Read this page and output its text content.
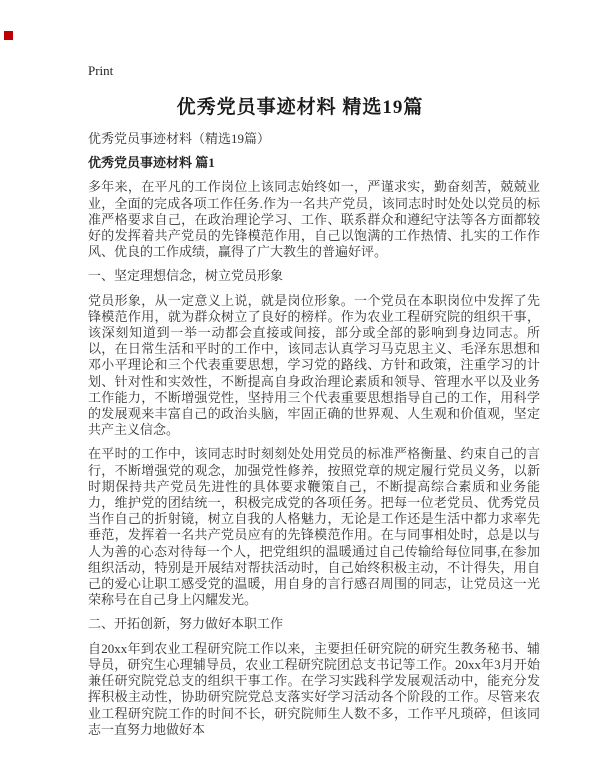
Print
优秀党员事迹材料 精选19篇
优秀党员事迹材料（精选19篇）
优秀党员事迹材料 篇1
多年来，在平凡的工作岗位上该同志始终如一，严谨求实，勤奋刻苦，兢兢业业，全面的完成各项工作任务.作为一名共产党员，该同志时时处处以党员的标准严格要求自己，在政治理论学习、工作、联系群众和遵纪守法等各方面都较好的发挥着共产党员的先锋模范作用，自己以饱满的工作热情、扎实的工作作风、优良的工作成绩，赢得了广大教生的普遍好评。
一、坚定理想信念，树立党员形象
党员形象，从一定意义上说，就是岗位形象。一个党员在本职岗位中发挥了先锋模范作用，就为群众树立了良好的榜样。作为农业工程研究院的组织干事，该深刻知道到一举一动都会直接或间接，部分或全部的影响到身边同志。所以，在日常生活和平时的工作中，该同志认真学习马克思主义、毛泽东思想和邓小平理论和三个代表重要思想，学习党的路线、方针和政策，注重学习的计划、针对性和实效性，不断提高自身政治理论素质和领导、管理水平以及业务工作能力，不断增强党性，坚持用三个代表重要思想指导自己的工作，用科学的发展观来丰富自己的政治头脑，牢固正确的世界观、人生观和价值观，坚定共产主义信念。
在平时的工作中，该同志时时刻刻处处用党员的标准严格衡量、约束自己的言行，不断增强党的观念，加强党性修养，按照党章的规定履行党员义务，以新时期保持共产党员先进性的具体要求鞭策自己，不断提高综合素质和业务能力，维护党的团结统一，积极完成党的各项任务。把每一位老党员、优秀党员当作自己的折射镜，树立自我的人格魅力，无论是工作还是生活中都力求率先垂范，发挥着一名共产党员应有的先锋模范作用。在与同事相处时，总是以与人为善的心态对待每一个人，把党组织的温暖通过自己传输给每位同事,在参加组织活动，特别是开展结对帮扶活动时，自己始终积极主动，不计得失，用自己的爱心让职工感受党的温暖，用自身的言行感召周围的同志，让党员这一光荣称号在自己身上闪耀发光。
二、开拓创新，努力做好本职工作
自20xx年到农业工程研究院工作以来，主要担任研究院的研究生教务秘书、辅导员，研究生心理辅导员，农业工程研究院团总支书记等工作。20xx年3月开始兼任研究院党总支的组织干事工作。在学习实践科学发展观活动中，能充分发挥积极主动性，协助研究院党总支落实好学习活动各个阶段的工作。尽管来农业工程研究院工作的时间不长，研究院师生人数不多，工作平凡琐碎，但该同志一直努力地做好本
